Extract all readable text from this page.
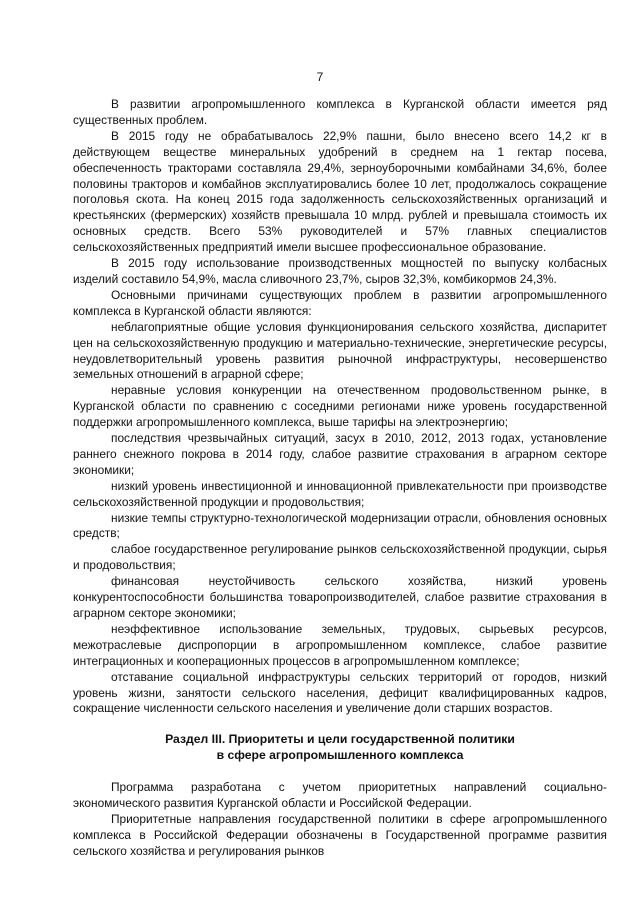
7

В развитии агропромышленного комплекса в Курганской области имеется ряд существенных проблем.

В 2015 году не обрабатывалось 22,9% пашни, было внесено всего 14,2 кг в действующем веществе минеральных удобрений в среднем на 1 гектар посева, обеспеченность тракторами составляла 29,4%, зерноуборочными комбайнами 34,6%, более половины тракторов и комбайнов эксплуатировались более 10 лет, продолжалось сокращение поголовья скота. На конец 2015 года задолженность сельскохозяйственных организаций и крестьянских (фермерских) хозяйств превышала 10 млрд. рублей и превышала стоимость их основных средств. Всего 53% руководителей и 57% главных специалистов сельскохозяйственных предприятий имели высшее профессиональное образование.

В 2015 году использование производственных мощностей по выпуску колбасных изделий составило 54,9%, масла сливочного 23,7%, сыров 32,3%, комбикормов 24,3%.

Основными причинами существующих проблем в развитии агропромышленного комплекса в Курганской области являются:

неблагоприятные общие условия функционирования сельского хозяйства, диспаритет цен на сельскохозяйственную продукцию и материально-технические, энергетические ресурсы, неудовлетворительный уровень развития рыночной инфраструктуры, несовершенство земельных отношений в аграрной сфере;

неравные условия конкуренции на отечественном продовольственном рынке, в Курганской области по сравнению с соседними регионами ниже уровень государственной поддержки агропромышленного комплекса, выше тарифы на электроэнергию;

последствия чрезвычайных ситуаций, засух в 2010, 2012, 2013 годах, установление раннего снежного покрова в 2014 году, слабое развитие страхования в аграрном секторе экономики;

низкий уровень инвестиционной и инновационной привлекательности при производстве сельскохозяйственной продукции и продовольствия;

низкие темпы структурно-технологической модернизации отрасли, обновления основных средств;

слабое государственное регулирование рынков сельскохозяйственной продукции, сырья и продовольствия;

финансовая неустойчивость сельского хозяйства, низкий уровень конкурентоспособности большинства товаропроизводителей, слабое развитие страхования в аграрном секторе экономики;

неэффективное использование земельных, трудовых, сырьевых ресурсов, межотраслевые диспропорции в агропромышленном комплексе, слабое развитие интеграционных и кооперационных процессов в агропромышленном комплексе;

отставание социальной инфраструктуры сельских территорий от городов, низкий уровень жизни, занятости сельского населения, дефицит квалифицированных кадров, сокращение численности сельского населения и увеличение доли старших возрастов.

Раздел III. Приоритеты и цели государственной политики
в сфере агропромышленного комплекса

Программа разработана с учетом приоритетных направлений социально-экономического развития Курганской области и Российской Федерации.

Приоритетные направления государственной политики в сфере агропромышленного комплекса в Российской Федерации обозначены в Государственной программе развития сельского хозяйства и регулирования рынков
